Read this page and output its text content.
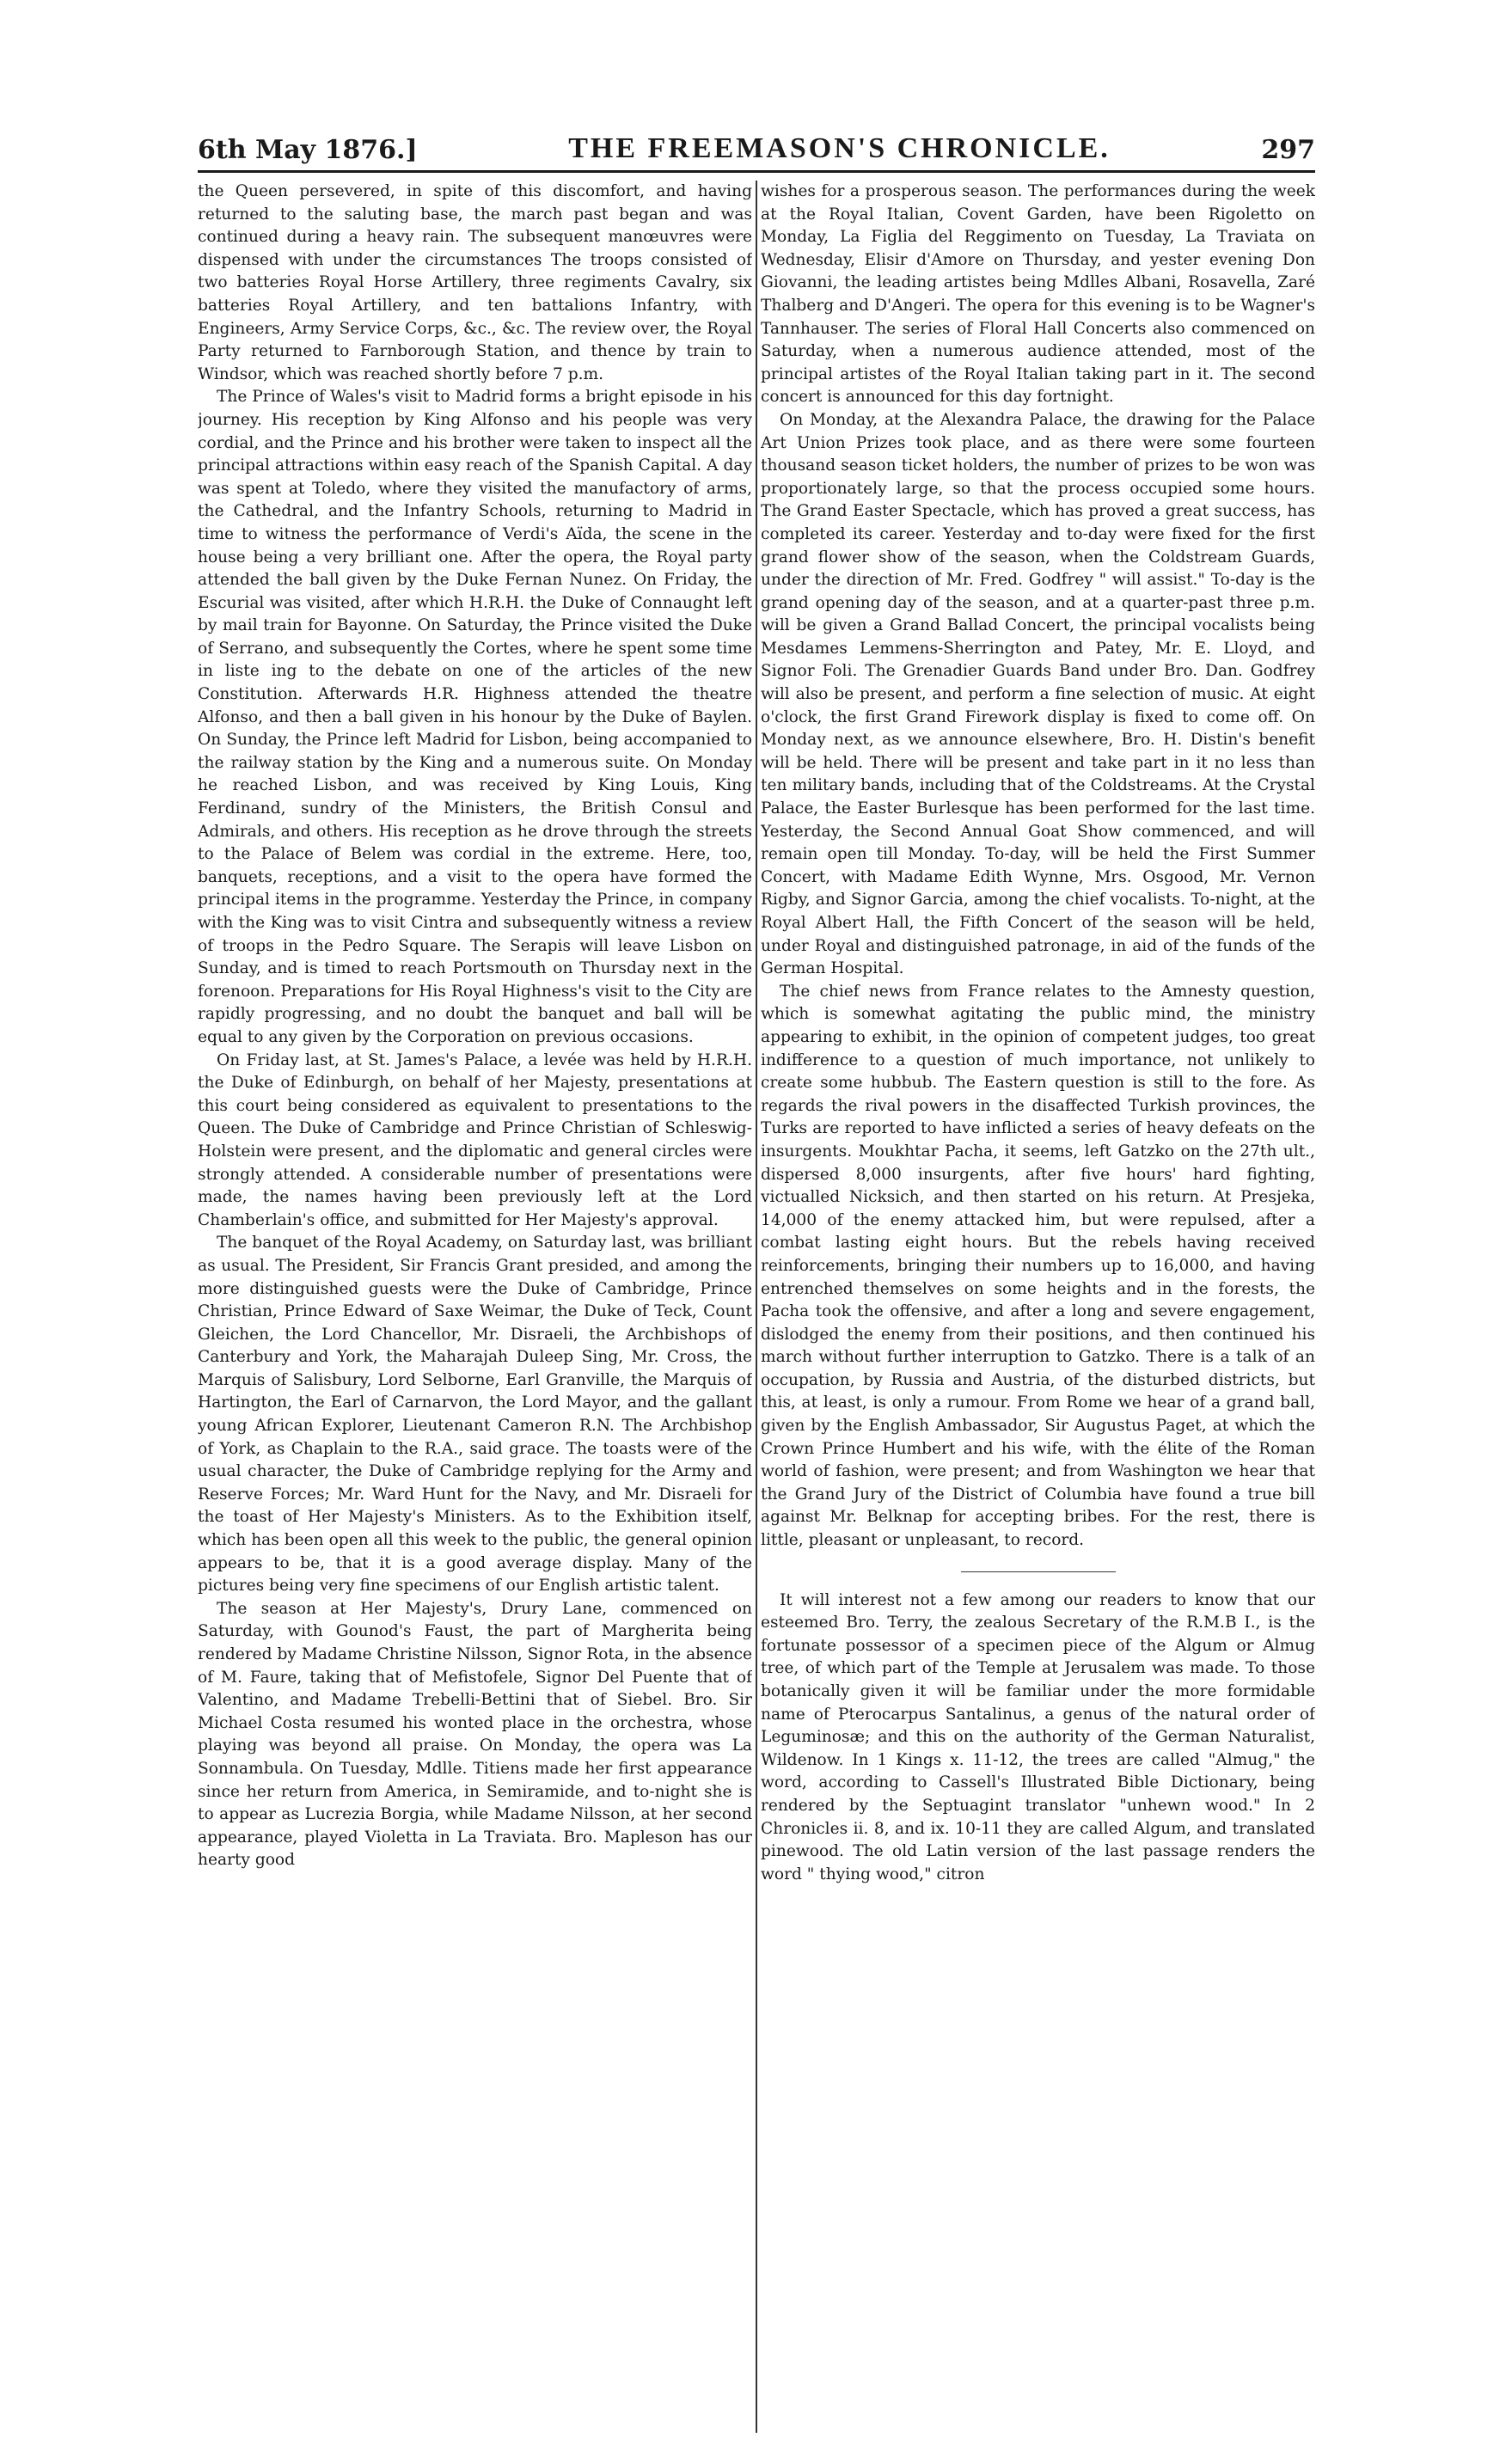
6th May 1876.]	THE FREEMASON'S CHRONICLE.	297

the Queen persevered, in spite of this discomfort, and having returned to the saluting base, the march past began and was continued during a heavy rain. The subsequent manœuvres were dispensed with under the circumstances The troops consisted of two batteries Royal Horse Artillery, three regiments Cavalry, six batteries Royal Artillery, and ten battalions Infantry, with Engineers, Army Service Corps, &c., &c. The review over, the Royal Party returned to Farnborough Station, and thence by train to Windsor, which was reached shortly before 7 p.m.

The Prince of Wales's visit to Madrid forms a bright episode in his journey. His reception by King Alfonso and his people was very cordial, and the Prince and his brother were taken to inspect all the principal attractions within easy reach of the Spanish Capital. A day was spent at Toledo, where they visited the manufactory of arms, the Cathedral, and the Infantry Schools, returning to Madrid in time to witness the performance of Verdi's Aïda, the scene in the house being a very brilliant one. After the opera, the Royal party attended the ball given by the Duke Fernan Nunez. On Friday, the Escurial was visited, after which H.R.H. the Duke of Connaught left by mail train for Bayonne. On Saturday, the Prince visited the Duke of Serrano, and subsequently the Cortes, where he spent some time in liste ing to the debate on one of the articles of the new Constitution. Afterwards H.R. Highness attended the theatre Alfonso, and then a ball given in his honour by the Duke of Baylen. On Sunday, the Prince left Madrid for Lisbon, being accompanied to the railway station by the King and a numerous suite. On Monday he reached Lisbon, and was received by King Louis, King Ferdinand, sundry of the Ministers, the British Consul and Admirals, and others. His reception as he drove through the streets to the Palace of Belem was cordial in the extreme. Here, too, banquets, receptions, and a visit to the opera have formed the principal items in the programme. Yesterday the Prince, in company with the King was to visit Cintra and subsequently witness a review of troops in the Pedro Square. The Serapis will leave Lisbon on Sunday, and is timed to reach Portsmouth on Thursday next in the forenoon. Preparations for His Royal Highness's visit to the City are rapidly progressing, and no doubt the banquet and ball will be equal to any given by the Corporation on previous occasions.

On Friday last, at St. James's Palace, a levée was held by H.R.H. the Duke of Edinburgh, on behalf of her Majesty, presentations at this court being considered as equivalent to presentations to the Queen. The Duke of Cambridge and Prince Christian of Schleswig-Holstein were present, and the diplomatic and general circles were strongly attended. A considerable number of presentations were made, the names having been previously left at the Lord Chamberlain's office, and submitted for Her Majesty's approval.

The banquet of the Royal Academy, on Saturday last, was brilliant as usual. The President, Sir Francis Grant presided, and among the more distinguished guests were the Duke of Cambridge, Prince Christian, Prince Edward of Saxe Weimar, the Duke of Teck, Count Gleichen, the Lord Chancellor, Mr. Disraeli, the Archbishops of Canterbury and York, the Maharajah Duleep Sing, Mr. Cross, the Marquis of Salisbury, Lord Selborne, Earl Granville, the Marquis of Hartington, the Earl of Carnarvon, the Lord Mayor, and the gallant young African Explorer, Lieutenant Cameron R.N. The Archbishop of York, as Chaplain to the R.A., said grace. The toasts were of the usual character, the Duke of Cambridge replying for the Army and Reserve Forces; Mr. Ward Hunt for the Navy, and Mr. Disraeli for the toast of Her Majesty's Ministers. As to the Exhibition itself, which has been open all this week to the public, the general opinion appears to be, that it is a good average display. Many of the pictures being very fine specimens of our English artistic talent.

The season at Her Majesty's, Drury Lane, commenced on Saturday, with Gounod's Faust, the part of Margherita being rendered by Madame Christine Nilsson, Signor Rota, in the absence of M. Faure, taking that of Mefistofele, Signor Del Puente that of Valentino, and Madame Trebelli-Bettini that of Siebel. Bro. Sir Michael Costa resumed his wonted place in the orchestra, whose playing was beyond all praise. On Monday, the opera was La Sonnambula. On Tuesday, Mdlle. Titiens made her first appearance since her return from America, in Semiramide, and to-night she is to appear as Lucrezia Borgia, while Madame Nilsson, at her second appearance, played Violetta in La Traviata. Bro. Mapleson has our hearty good

wishes for a prosperous season. The performances during the week at the Royal Italian, Covent Garden, have been Rigoletto on Monday, La Figlia del Reggimento on Tuesday, La Traviata on Wednesday, Elisir d'Amore on Thursday, and yester evening Don Giovanni, the leading artistes being Mdlles Albani, Rosavella, Zaré Thalberg and D'Angeri. The opera for this evening is to be Wagner's Tannhauser. The series of Floral Hall Concerts also commenced on Saturday, when a numerous audience attended, most of the principal artistes of the Royal Italian taking part in it. The second concert is announced for this day fortnight.

On Monday, at the Alexandra Palace, the drawing for the Palace Art Union Prizes took place, and as there were some fourteen thousand season ticket holders, the number of prizes to be won was proportionately large, so that the process occupied some hours. The Grand Easter Spectacle, which has proved a great success, has completed its career. Yesterday and to-day were fixed for the first grand flower show of the season, when the Coldstream Guards, under the direction of Mr. Fred. Godfrey " will assist." To-day is the grand opening day of the season, and at a quarter-past three p.m. will be given a Grand Ballad Concert, the principal vocalists being Mesdames Lemmens-Sherrington and Patey, Mr. E. Lloyd, and Signor Foli. The Grenadier Guards Band under Bro. Dan. Godfrey will also be present, and perform a fine selection of music. At eight o'clock, the first Grand Firework display is fixed to come off. On Monday next, as we announce elsewhere, Bro. H. Distin's benefit will be held. There will be present and take part in it no less than ten military bands, including that of the Coldstreams. At the Crystal Palace, the Easter Burlesque has been performed for the last time. Yesterday, the Second Annual Goat Show commenced, and will remain open till Monday. To-day, will be held the First Summer Concert, with Madame Edith Wynne, Mrs. Osgood, Mr. Vernon Rigby, and Signor Garcia, among the chief vocalists. To-night, at the Royal Albert Hall, the Fifth Concert of the season will be held, under Royal and distinguished patronage, in aid of the funds of the German Hospital.

The chief news from France relates to the Amnesty question, which is somewhat agitating the public mind, the ministry appearing to exhibit, in the opinion of competent judges, too great indifference to a question of much importance, not unlikely to create some hubbub. The Eastern question is still to the fore. As regards the rival powers in the disaffected Turkish provinces, the Turks are reported to have inflicted a series of heavy defeats on the insurgents. Moukhtar Pacha, it seems, left Gatzko on the 27th ult., dispersed 8,000 insurgents, after five hours' hard fighting, victualled Nicksich, and then started on his return. At Presjeka, 14,000 of the enemy attacked him, but were repulsed, after a combat lasting eight hours. But the rebels having received reinforcements, bringing their numbers up to 16,000, and having entrenched themselves on some heights and in the forests, the Pacha took the offensive, and after a long and severe engagement, dislodged the enemy from their positions, and then continued his march without further interruption to Gatzko. There is a talk of an occupation, by Russia and Austria, of the disturbed districts, but this, at least, is only a rumour. From Rome we hear of a grand ball, given by the English Ambassador, Sir Augustus Paget, at which the Crown Prince Humbert and his wife, with the élite of the Roman world of fashion, were present; and from Washington we hear that the Grand Jury of the District of Columbia have found a true bill against Mr. Belknap for accepting bribes. For the rest, there is little, pleasant or unpleasant, to record.

It will interest not a few among our readers to know that our esteemed Bro. Terry, the zealous Secretary of the R.M.B I., is the fortunate possessor of a specimen piece of the Algum or Almug tree, of which part of the Temple at Jerusalem was made. To those botanically given it will be familiar under the more formidable name of Pterocarpus Santalinus, a genus of the natural order of Leguminosæ; and this on the authority of the German Naturalist, Wildenow. In 1 Kings x. 11-12, the trees are called "Almug," the word, according to Cassell's Illustrated Bible Dictionary, being rendered by the Septuagint translator "unhewn wood." In 2 Chronicles ii. 8, and ix. 10-11 they are called Algum, and translated pinewood. The old Latin version of the last passage renders the word " thying wood," citron
